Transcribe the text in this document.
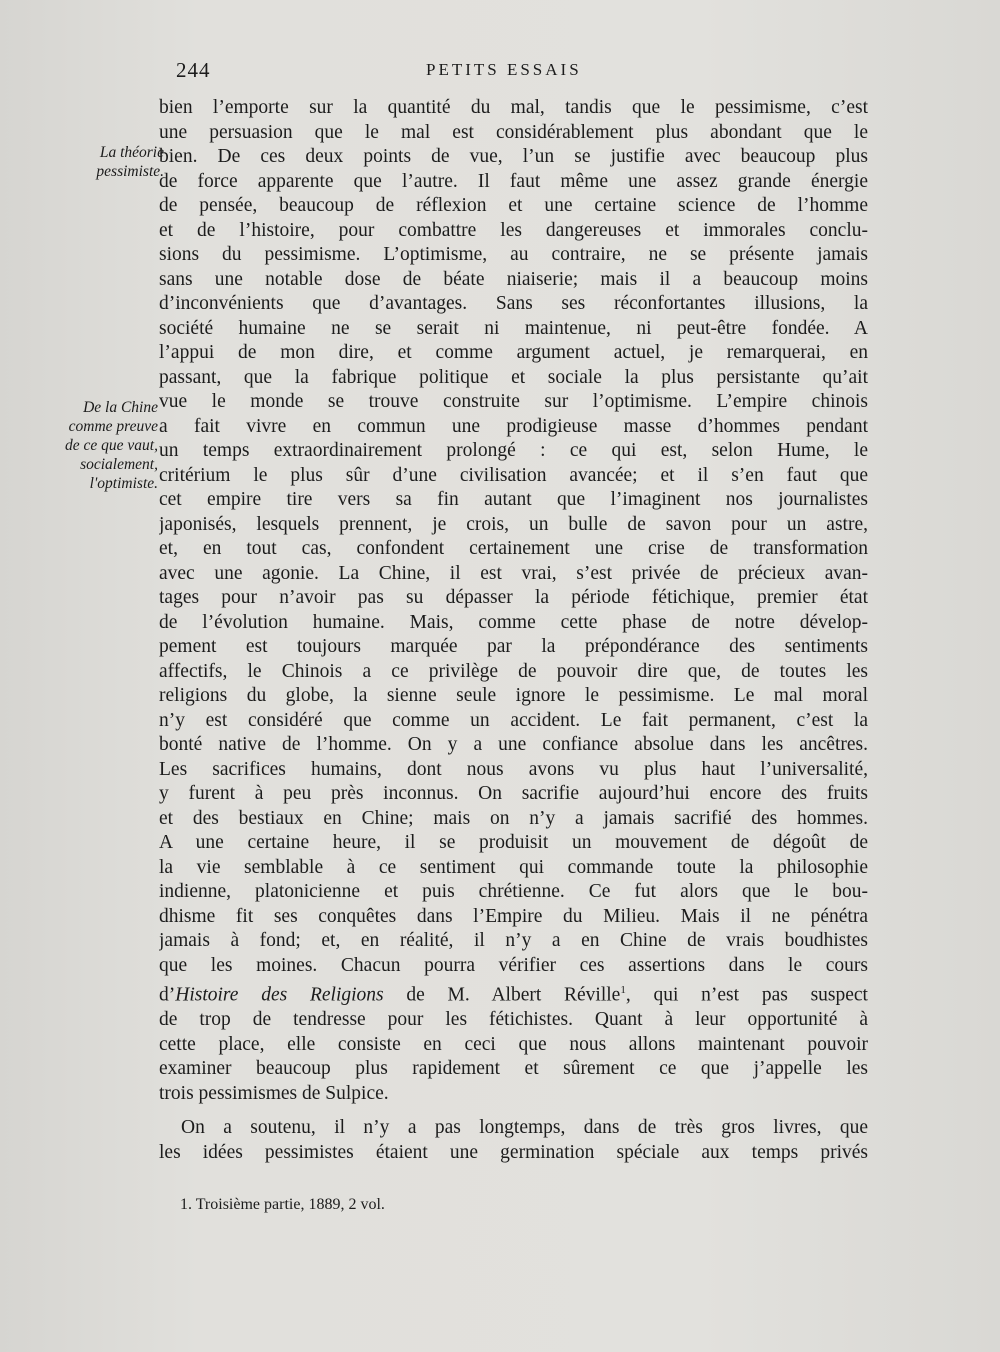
244	PETITS ESSAIS
La théorie
pessimiste.
De la Chine
comme preuve
de ce que vaut,
socialement,
l'optimiste.
bien l’emporte sur la quantité du mal, tandis que le pessimisme, c’est
une persuasion que le mal est considérablement plus abondant que le
bien. De ces deux points de vue, l’un se justifie avec beaucoup plus
de force apparente que l’autre. Il faut même une assez grande énergie
de pensée, beaucoup de réflexion et une certaine science de l’homme
et de l’histoire, pour combattre les dangereuses et immorales conclu-
sions du pessimisme. L’optimisme, au contraire, ne se présente jamais
sans une notable dose de béate niaiserie; mais il a beaucoup moins
d’inconvénients que d’avantages. Sans ses réconfortantes illusions, la
société humaine ne se serait ni maintenue, ni peut-être fondée. A
l’appui de mon dire, et comme argument actuel, je remarquerai, en
passant, que la fabrique politique et sociale la plus persistante qu’ait
vue le monde se trouve construite sur l’optimisme. L’empire chinois
a fait vivre en commun une prodigieuse masse d’hommes pendant
un temps extraordinairement prolongé : ce qui est, selon Hume, le
critérium le plus sûr d’une civilisation avancée; et il s’en faut que
cet empire tire vers sa fin autant que l’imaginent nos journalistes
japonisés, lesquels prennent, je crois, un bulle de savon pour un astre,
et, en tout cas, confondent certainement une crise de transformation
avec une agonie. La Chine, il est vrai, s’est privée de précieux avan-
tages pour n’avoir pas su dépasser la période fétichique, premier état
de l’évolution humaine. Mais, comme cette phase de notre dévelop-
pement est toujours marquée par la prépondérance des sentiments
affectifs, le Chinois a ce privilège de pouvoir dire que, de toutes les
religions du globe, la sienne seule ignore le pessimisme. Le mal moral
n’y est considéré que comme un accident. Le fait permanent, c’est la
bonté native de l’homme. On y a une confiance absolue dans les ancêtres.
Les sacrifices humains, dont nous avons vu plus haut l’universalité,
y furent à peu près inconnus. On sacrifie aujourd’hui encore des fruits
et des bestiaux en Chine; mais on n’y a jamais sacrifié des hommes.
A une certaine heure, il se produisit un mouvement de dégoût de
la vie semblable à ce sentiment qui commande toute la philosophie
indienne, platonicienne et puis chrétienne. Ce fut alors que le bou-
dhisme fit ses conquêtes dans l’Empire du Milieu. Mais il ne pénétra
jamais à fond; et, en réalité, il n’y a en Chine de vrais boudhistes
que les moines. Chacun pourra vérifier ces assertions dans le cours
d’Histoire des Religions de M. Albert Réville$^1$, qui n’est pas suspect
de trop de tendresse pour les fétichistes. Quant à leur opportunité à
cette place, elle consiste en ceci que nous allons maintenant pouvoir
examiner beaucoup plus rapidement et sûrement ce que j’appelle les
trois pessimismes de Sulpice.
On a soutenu, il n’y a pas longtemps, dans de très gros livres, que
les idées pessimistes étaient une germination spéciale aux temps privés
1. Troisième partie, 1889, 2 vol.
